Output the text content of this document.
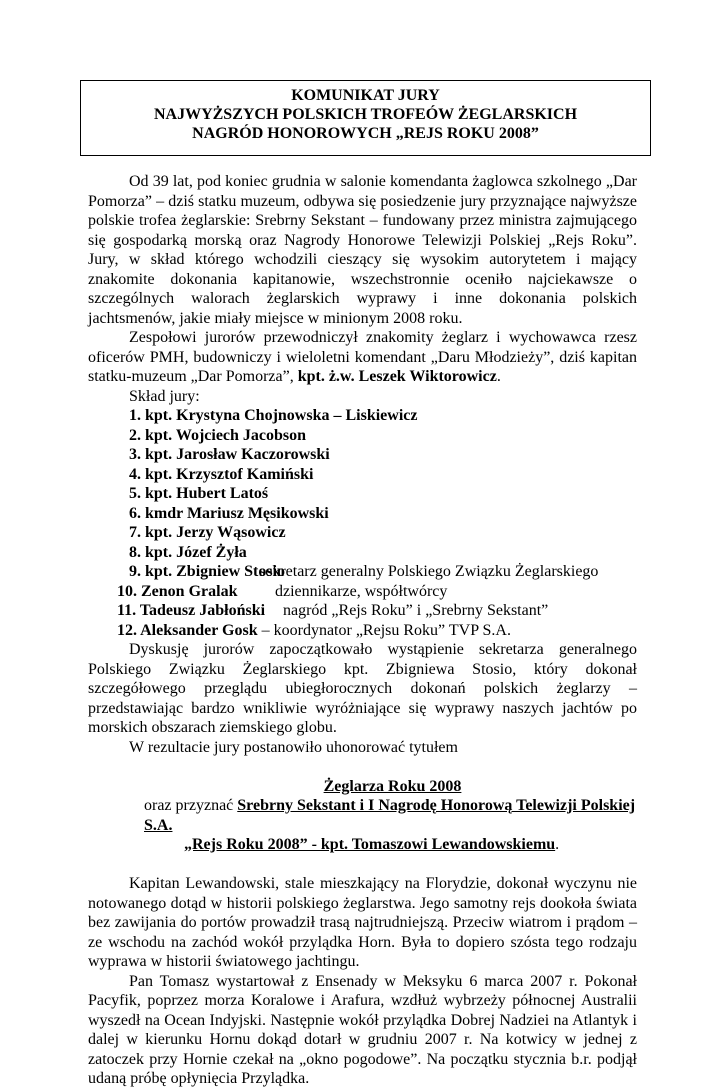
KOMUNIKAT JURY
NAJWYŻSZYCH POLSKICH TROFEÓW ŻEGLARSKICH
NAGRÓD HONOROWYCH „REJS ROKU 2008”

Od 39 lat, pod koniec grudnia w salonie komendanta żaglowca szkolnego „Dar Pomorza” – dziś statku muzeum, odbywa się posiedzenie jury przyznające najwyższe polskie trofea żeglarskie: Srebrny Sekstant – fundowany przez ministra zajmującego się gospodarką morską oraz Nagrody Honorowe Telewizji Polskiej „Rejs Roku”. Jury, w skład którego wchodzili cieszący się wysokim autorytetem i mający znakomite dokonania kapitanowie, wszechstronnie oceniło najciekawsze o szczególnych walorach żeglarskich wyprawy i inne dokonania polskich jachtsmenów, jakie miały miejsce w minionym 2008 roku.

Zespołowi jurorów przewodniczył znakomity żeglarz i wychowawca rzesz oficerów PMH, budowniczy i wieloletni komendant „Daru Młodzieży”, dziś kapitan statku-muzeum „Dar Pomorza”, kpt. ż.w. Leszek Wiktorowicz.

Skład jury:
1. kpt. Krystyna Chojnowska – Liskiewicz
2. kpt. Wojciech Jacobson
3. kpt. Jarosław Kaczorowski
4. kpt. Krzysztof Kamiński
5. kpt. Hubert Latoś
6. kmdr Mariusz Męsikowski
7. kpt. Jerzy Wąsowicz
8. kpt. Józef Żyła
9. kpt. Zbigniew Stosio
sekretarz generalny Polskiego Związku Żeglarskiego
10. Zenon Gralak dziennikarze, współtwórcy
11. Tadeusz Jabłoński nagród „Rejs Roku” i „Srebrny Sekstant”
12. Aleksander Gosk – koordynator „Rejsu Roku” TVP S.A.

Dyskusję jurorów zapoczątkowało wystąpienie sekretarza generalnego Polskiego Związku Żeglarskiego kpt. Zbigniewa Stosio, który dokonał szczegółowego przeglądu ubiegłorocznych dokonań polskich żeglarzy – przedstawiając bardzo wnikliwie wyróżniające się wyprawy naszych jachtów po morskich obszarach ziemskiego globu.

W rezultacie jury postanowiło uhonorować tytułem

Żeglarza Roku 2008
oraz przyznać Srebrny Sekstant i I Nagrodę Honorową Telewizji Polskiej S.A.
„Rejs Roku 2008” - kpt. Tomaszowi Lewandowskiemu.

Kapitan Lewandowski, stale mieszkający na Florydzie, dokonał wyczynu nie notowanego dotąd w historii polskiego żeglarstwa. Jego samotny rejs dookoła świata bez zawijania do portów prowadził trasą najtrudniejszą. Przeciw wiatrom i prądom – ze wschodu na zachód wokół przylądka Horn. Była to dopiero szósta tego rodzaju wyprawa w historii światowego jachtingu.

Pan Tomasz wystartował z Ensenady w Meksyku 6 marca 2007 r. Pokonał Pacyfik, poprzez morza Koralowe i Arafura, wzdłuż wybrzeży północnej Australii wyszedł na Ocean Indyjski. Następnie wokół przylądka Dobrej Nadziei na Atlantyk i dalej w kierunku Hornu dokąd dotarł w grudniu 2007 r. Na kotwicy w jednej z zatoczek przy Hornie czekał na „okno pogodowe”. Na początku stycznia b.r. podjął udaną próbę opłynięcia Przylądka.
